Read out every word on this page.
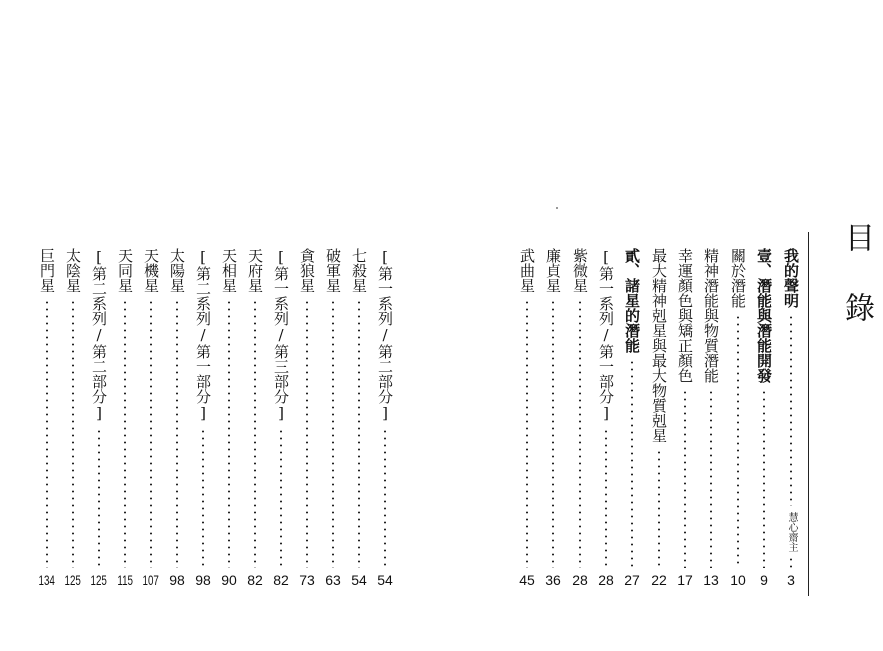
目
錄
我的聲明
慧心齋主
3
壹、潛能與潛能開發
9
關於潛能
10
精神潛能與物質潛能
13
幸運顏色與矯正顏色
17
最大精神剋星與最大物質剋星
22
貳、諸星的潛能
27
[第一系列/第一部分]
28
紫微星
28
廉貞星
36
武曲星
45
[第一系列/第二部分]
54
七殺星
54
破軍星
63
貪狼星
73
[第一系列/第三部分]
82
天府星
82
天相星
90
[第二系列/第一部分]
98
太陽星
98
天機星
107
天同星
115
[第二系列/第二部分]
125
太陰星
125
巨門星
134
